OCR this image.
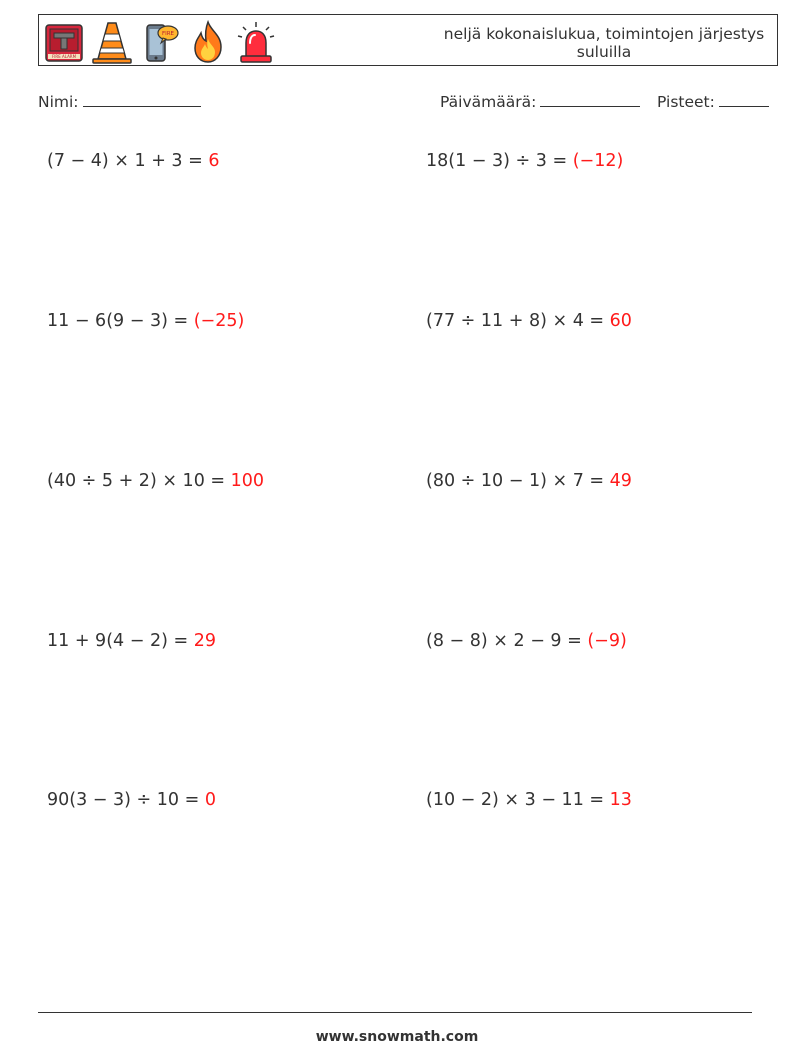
FIRE ALARM
FIRE	neljä kokonaislukua, toimintojen järjestys
suluilla
Nimi:	Päivämäärä:	Pisteet:
(7 − 4) × 1 + 3 = 6	18(1 − 3) ÷ 3 = (−12)
11 − 6(9 − 3) = (−25)	(77 ÷ 11 + 8) × 4 = 60
(40 ÷ 5 + 2) × 10 = 100	(80 ÷ 10 − 1) × 7 = 49
11 + 9(4 − 2) = 29	(8 − 8) × 2 − 9 = (−9)
90(3 − 3) ÷ 10 = 0	(10 − 2) × 3 − 11 = 13
www.snowmath.com
